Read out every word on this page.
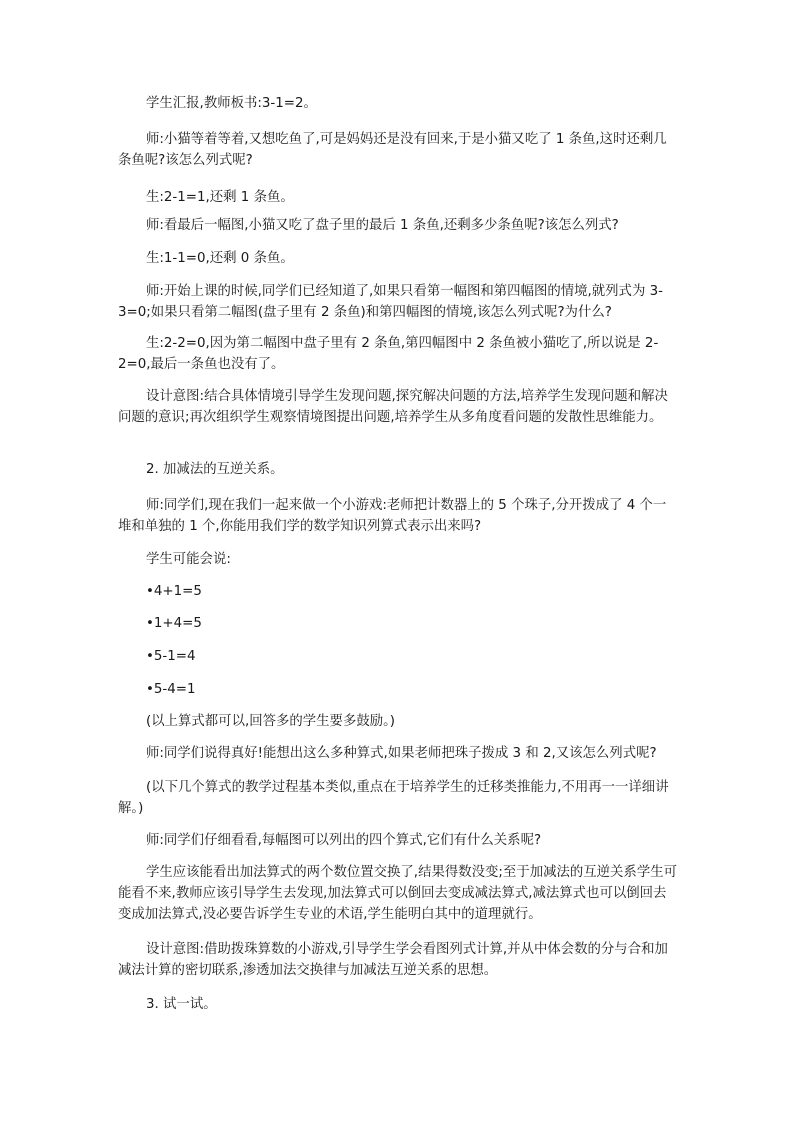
学生汇报,教师板书:3-1=2。

师:小猫等着等着,又想吃鱼了,可是妈妈还是没有回来,于是小猫又吃了 1 条鱼,这时还剩几条鱼呢?该怎么列式呢?

生:2-1=1,还剩 1 条鱼。

师:看最后一幅图,小猫又吃了盘子里的最后 1 条鱼,还剩多少条鱼呢?该怎么列式?

生:1-1=0,还剩 0 条鱼。

师:开始上课的时候,同学们已经知道了,如果只看第一幅图和第四幅图的情境,就列式为 3-3=0;如果只看第二幅图(盘子里有 2 条鱼)和第四幅图的情境,该怎么列式呢?为什么?

生:2-2=0,因为第二幅图中盘子里有 2 条鱼,第四幅图中 2 条鱼被小猫吃了,所以说是 2-2=0,最后一条鱼也没有了。

设计意图:结合具体情境引导学生发现问题,探究解决问题的方法,培养学生发现问题和解决问题的意识;再次组织学生观察情境图提出问题,培养学生从多角度看问题的发散性思维能力。

2. 加减法的互逆关系。

师:同学们,现在我们一起来做一个小游戏:老师把计数器上的 5 个珠子,分开拨成了 4 个一堆和单独的 1 个,你能用我们学的数学知识列算式表示出来吗?

学生可能会说:

•4+1=5

•1+4=5

•5-1=4

•5-4=1

(以上算式都可以,回答多的学生要多鼓励。)

师:同学们说得真好!能想出这么多种算式,如果老师把珠子拨成 3 和 2,又该怎么列式呢?

(以下几个算式的教学过程基本类似,重点在于培养学生的迁移类推能力,不用再一一详细讲解。)

师:同学们仔细看看,每幅图可以列出的四个算式,它们有什么关系呢?

学生应该能看出加法算式的两个数位置交换了,结果得数没变;至于加减法的互逆关系学生可能看不来,教师应该引导学生去发现,加法算式可以倒回去变成减法算式,减法算式也可以倒回去变成加法算式,没必要告诉学生专业的术语,学生能明白其中的道理就行。

设计意图:借助拨珠算数的小游戏,引导学生学会看图列式计算,并从中体会数的分与合和加减法计算的密切联系,渗透加法交换律与加减法互逆关系的思想。

3. 试一试。
